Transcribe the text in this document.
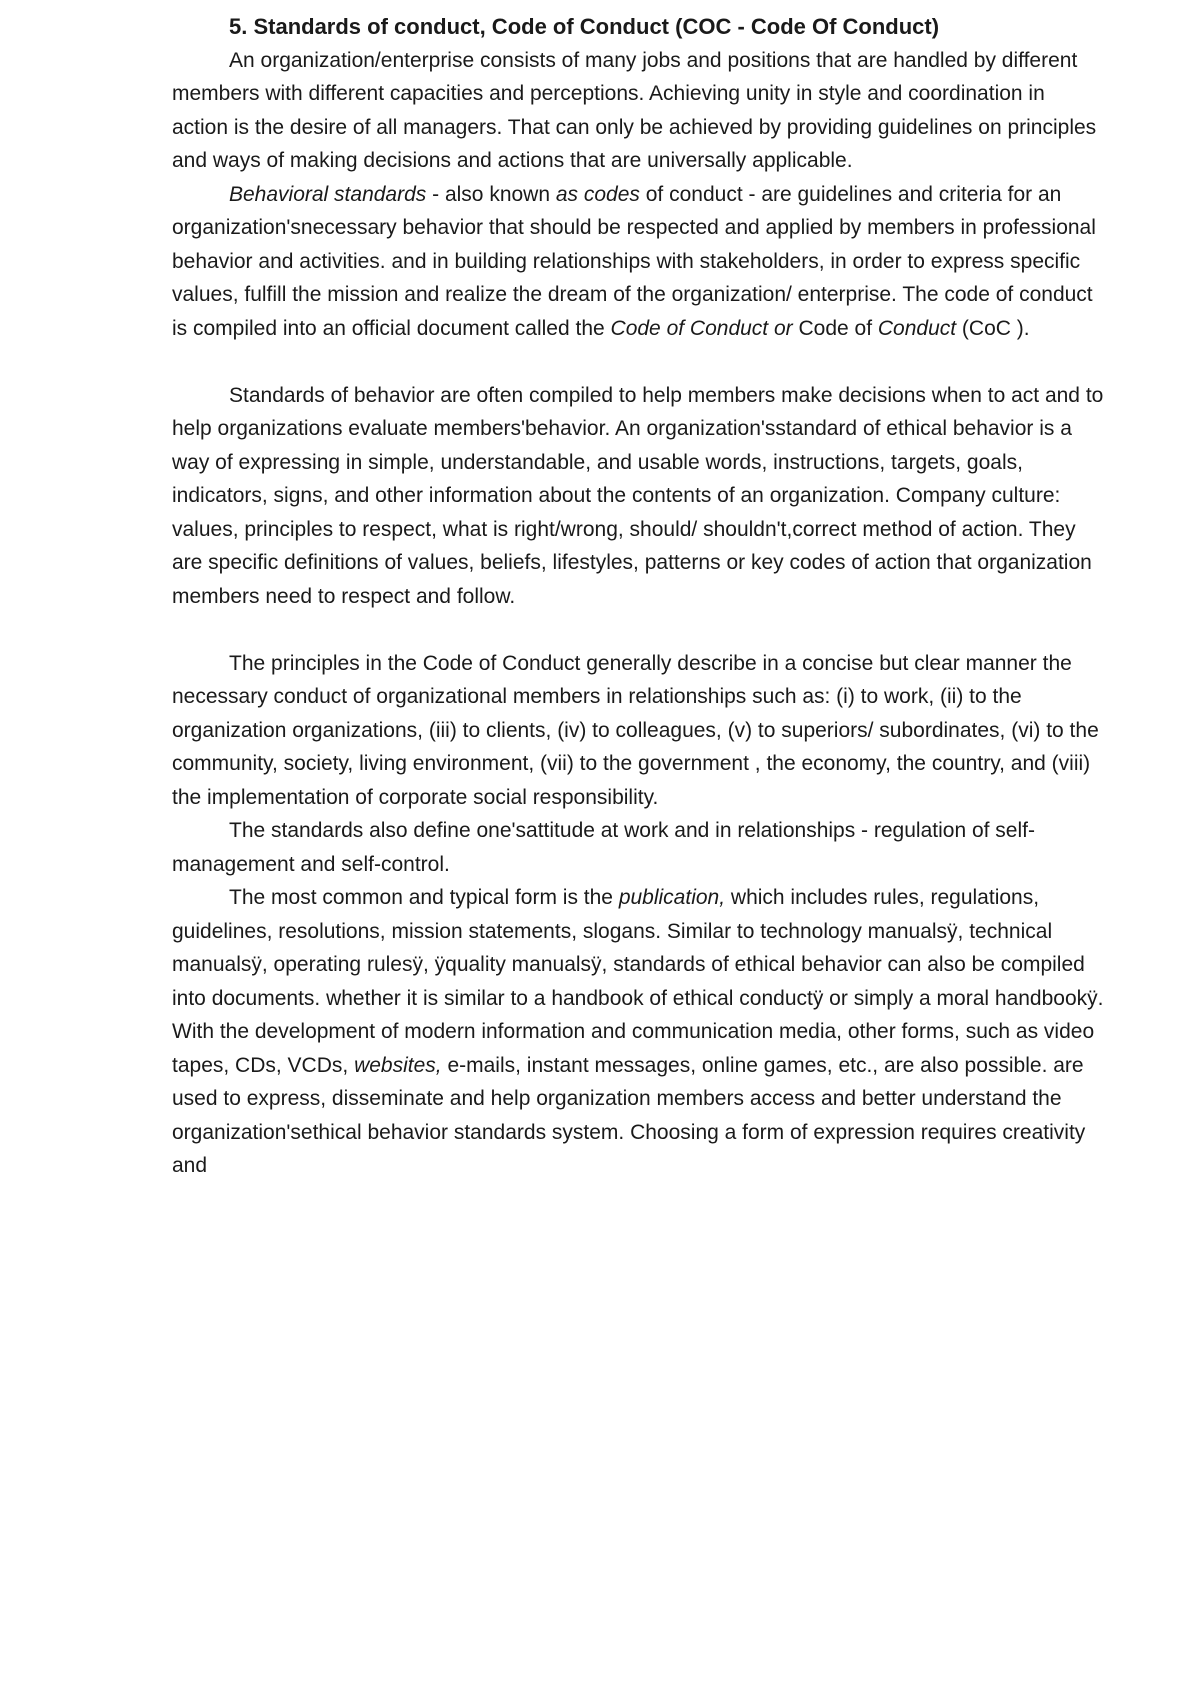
5. Standards of conduct, Code of Conduct (COC - Code Of Conduct)

An organization/enterprise consists of many jobs and positions that are handled by different members with different capacities and perceptions. Achieving unity in style and coordination in action is the desire of all managers. That can only be achieved by providing guidelines on principles and ways of making decisions and actions that are universally applicable.

Behavioral standards - also known as codes of conduct - are guidelines and criteria for an organization'snecessary behavior that should be respected and applied by members in professional behavior and activities. and in building relationships with stakeholders, in order to express specific values, fulfill the mission and realize the dream of the organization/ enterprise. The code of conduct is compiled into an official document called the Code of Conduct or Code of Conduct (CoC ).

Standards of behavior are often compiled to help members make decisions when to act and to help organizations evaluate members'behavior. An organization'sstandard of ethical behavior is a way of expressing in simple, understandable, and usable words, instructions, targets, goals, indicators, signs, and other information about the contents of an organization. Company culture: values, principles to respect, what is right/wrong, should/ shouldn't,correct method of action. They are specific definitions of values, beliefs, lifestyles, patterns or key codes of action that organization members need to respect and follow.

The principles in the Code of Conduct generally describe in a concise but clear manner the necessary conduct of organizational members in relationships such as: (i) to work, (ii) to the organization organizations, (iii) to clients, (iv) to colleagues, (v) to superiors/ subordinates, (vi) to the community, society, living environment, (vii) to the government , the economy, the country, and (viii) the implementation of corporate social responsibility.

The standards also define one'sattitude at work and in relationships - regulation of self-management and self-control.

The most common and typical form is the publication, which includes rules, regulations, guidelines, resolutions, mission statements, slogans. Similar to technology manualsÿ, technical manualsÿ, operating rulesÿ, ÿquality manualsÿ, standards of ethical behavior can also be compiled into documents. whether it is similar to a handbook of ethical conductÿ or simply a moral handbookÿ. With the development of modern information and communication media, other forms, such as video tapes, CDs, VCDs, websites, e-mails, instant messages, online games, etc., are also possible. are used to express, disseminate and help organization members access and better understand the organization'sethical behavior standards system. Choosing a form of expression requires creativity and
